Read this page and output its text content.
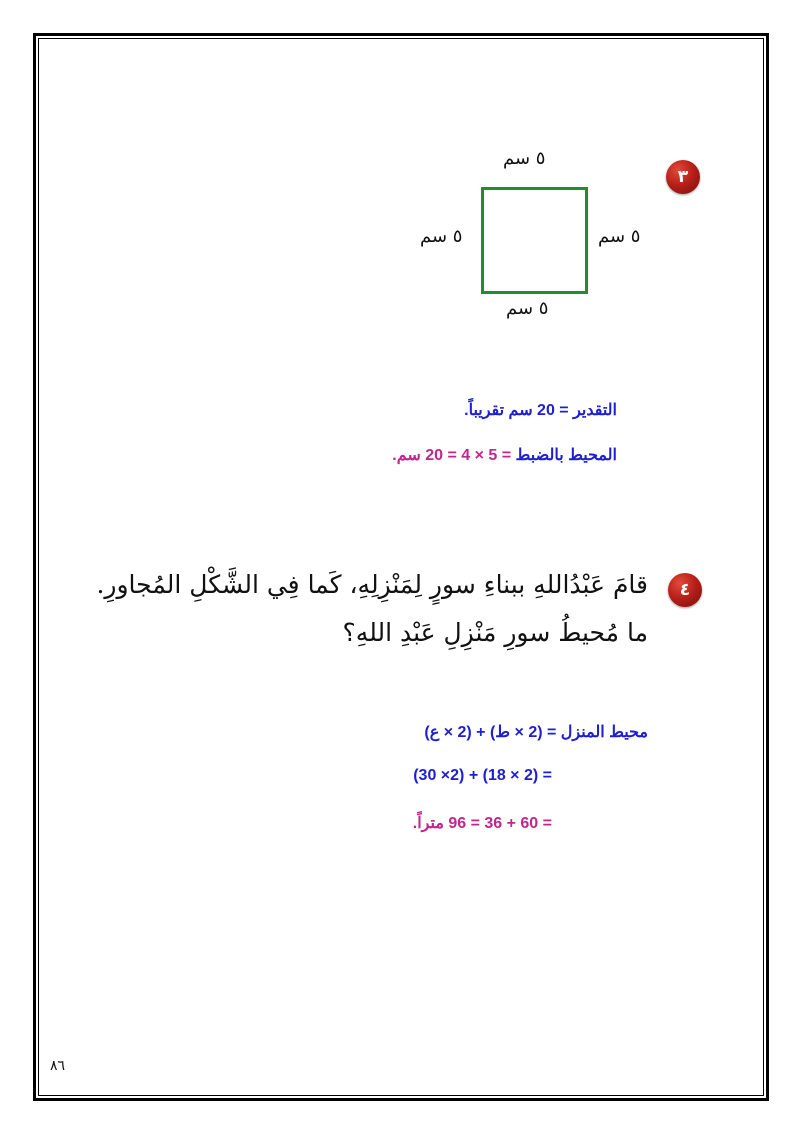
٣
٥ سم
٥ سم	٥ سم
٥ سم
التقدير = 20 سم تقريباً.
المحيط بالضبط = 5 × 4 = 20 سم.
٤
قامَ عَبْدُاللهِ ببناءِ سورٍ لِمَنْزِلِهِ، كَما فِي الشَّكْلِ المُجاورِ.
ما مُحيطُ سورِ مَنْزِلِ عَبْدِ اللهِ؟
محيط المنزل = (2 × ط) + (2 × ع)
= (2 × 18) + (2× 30)
= 60 + 36 = 96 متراً.
٨٦
